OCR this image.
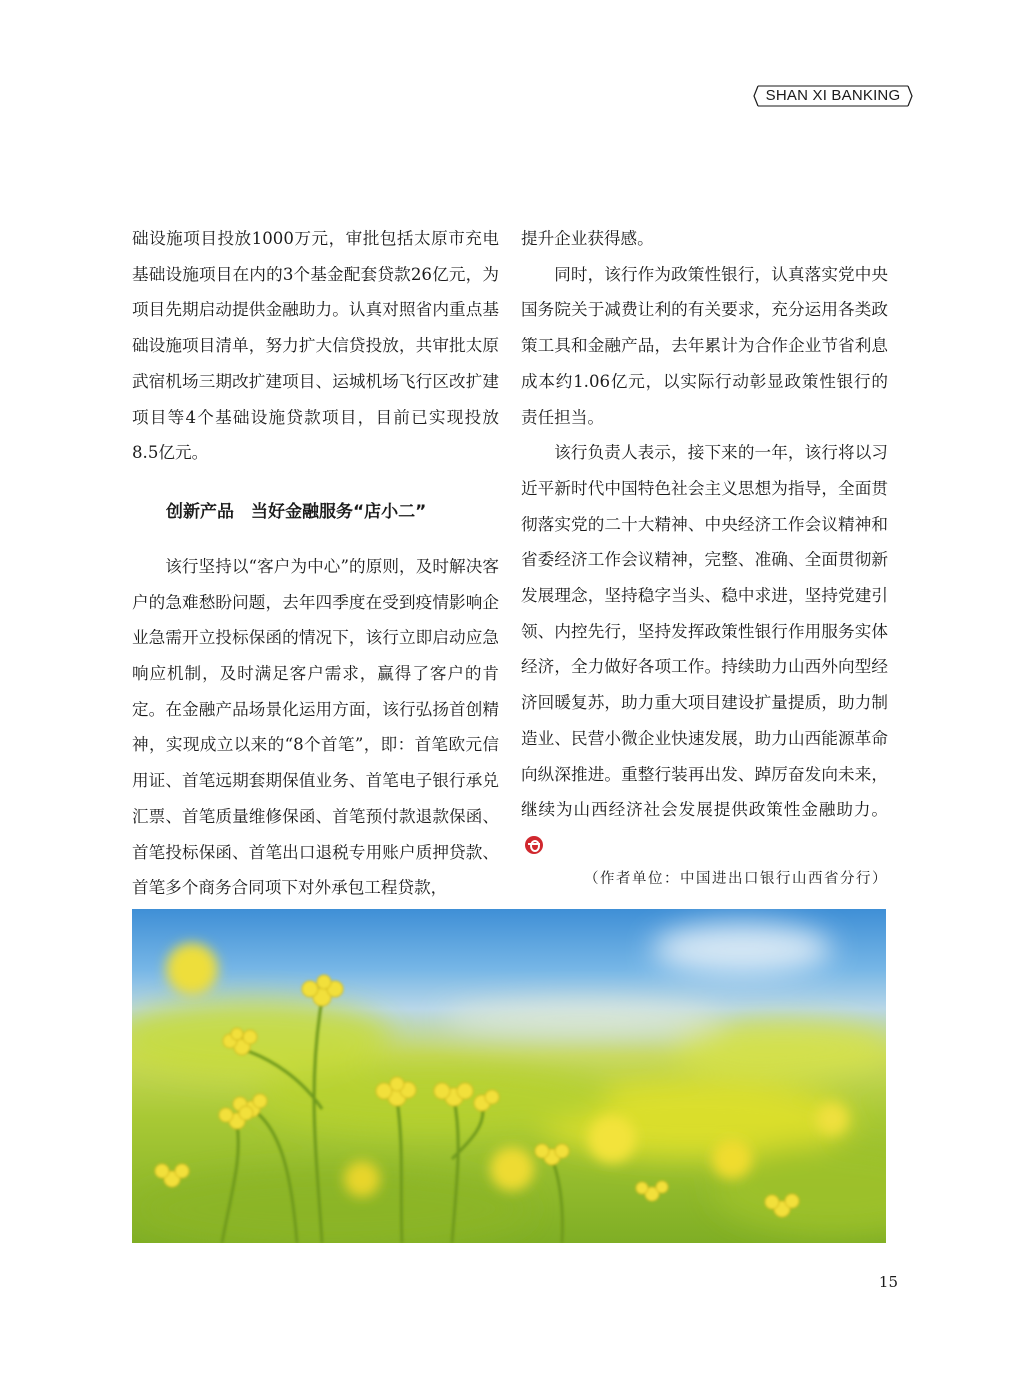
SHAN XI BANKING

础设施项目投放1000万元，审批包括太原市充电基础设施项目在内的3个基金配套贷款26亿元，为项目先期启动提供金融助力。认真对照省内重点基础设施项目清单，努力扩大信贷投放，共审批太原武宿机场三期改扩建项目、运城机场飞行区改扩建项目等4个基础设施贷款项目，目前已实现投放8.5亿元。

创新产品　当好金融服务“店小二”

该行坚持以“客户为中心”的原则，及时解决客户的急难愁盼问题，去年四季度在受到疫情影响企业急需开立投标保函的情况下，该行立即启动应急响应机制，及时满足客户需求，赢得了客户的肯定。在金融产品场景化运用方面，该行弘扬首创精神，实现成立以来的“8个首笔”，即：首笔欧元信用证、首笔远期套期保值业务、首笔电子银行承兑汇票、首笔质量维修保函、首笔预付款退款保函、首笔投标保函、首笔出口退税专用账户质押贷款、首笔多个商务合同项下对外承包工程贷款，

提升企业获得感。

同时，该行作为政策性银行，认真落实党中央国务院关于减费让利的有关要求，充分运用各类政策工具和金融产品，去年累计为合作企业节省利息成本约1.06亿元，以实际行动彰显政策性银行的责任担当。

该行负责人表示，接下来的一年，该行将以习近平新时代中国特色社会主义思想为指导，全面贯彻落实党的二十大精神、中央经济工作会议精神和省委经济工作会议精神，完整、准确、全面贯彻新发展理念，坚持稳字当头、稳中求进，坚持党建引领、内控先行，坚持发挥政策性银行作用服务实体经济，全力做好各项工作。持续助力山西外向型经济回暖复苏，助力重大项目建设扩量提质，助力制造业、民营小微企业快速发展，助力山西能源革命向纵深推进。重整行装再出发、踔厉奋发向未来，继续为山西经济社会发展提供政策性金融助力。

（作者单位：中国进出口银行山西省分行）
15
